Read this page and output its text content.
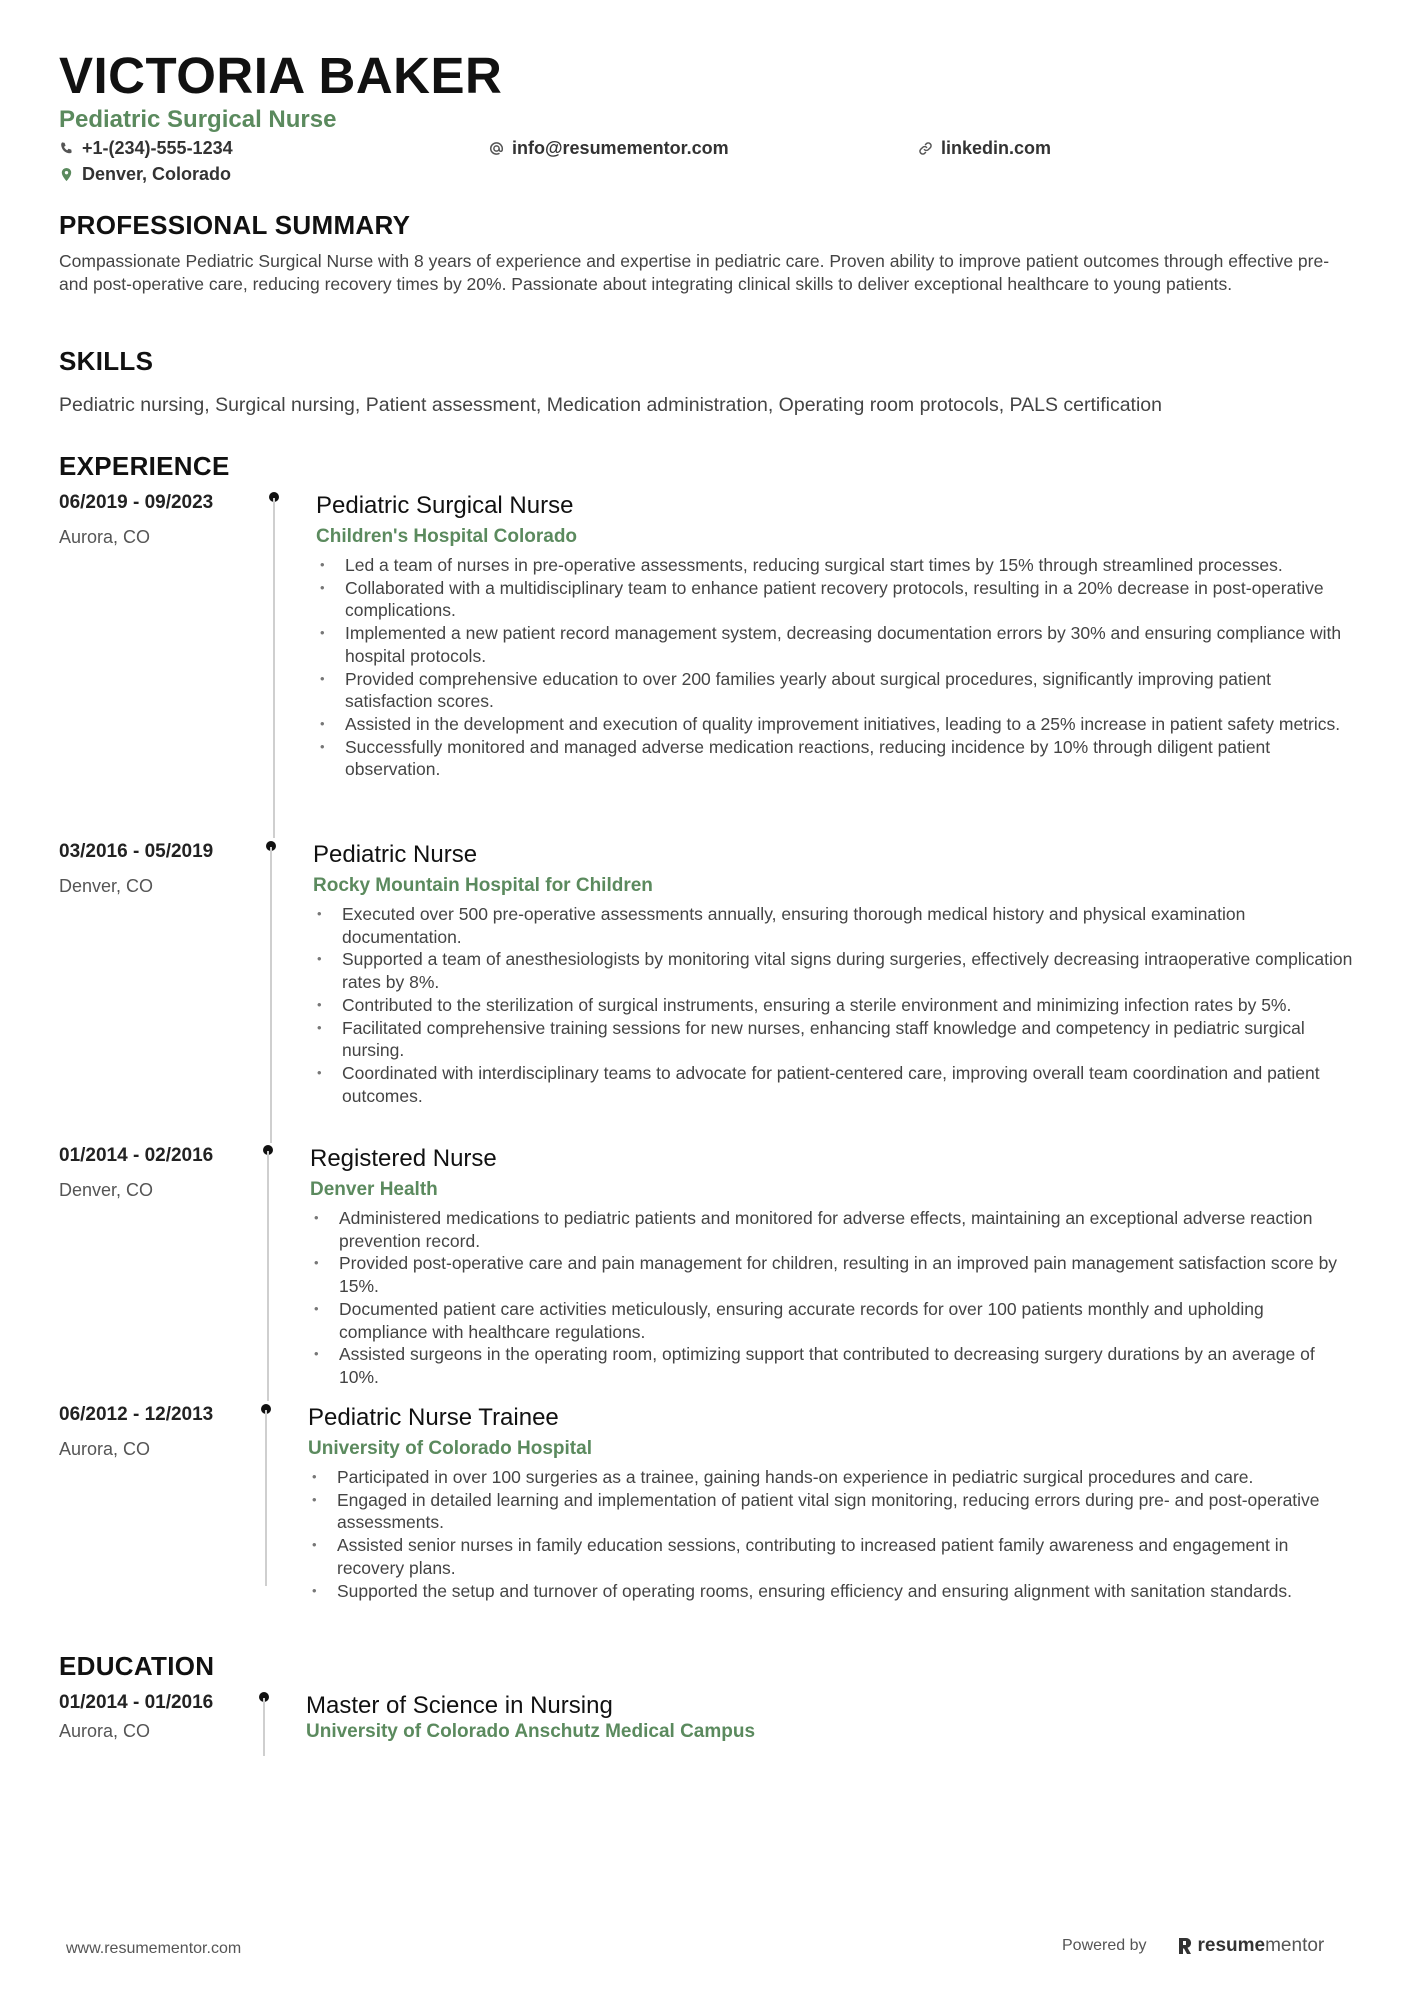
VICTORIA BAKER
Pediatric Surgical Nurse
+1-(234)-555-1234	info@resumementor.com	linkedin.com
Denver, Colorado
PROFESSIONAL SUMMARY
Compassionate Pediatric Surgical Nurse with 8 years of experience and expertise in pediatric care. Proven ability to improve patient outcomes through effective pre- and post-operative care, reducing recovery times by 20%. Passionate about integrating clinical skills to deliver exceptional healthcare to young patients.
SKILLS
Pediatric nursing, Surgical nursing, Patient assessment, Medication administration, Operating room protocols, PALS certification
EXPERIENCE
06/2019 - 09/2023
Aurora, CO
Pediatric Surgical Nurse
Children's Hospital Colorado
• Led a team of nurses in pre-operative assessments, reducing surgical start times by 15% through streamlined processes.
• Collaborated with a multidisciplinary team to enhance patient recovery protocols, resulting in a 20% decrease in post-operative complications.
• Implemented a new patient record management system, decreasing documentation errors by 30% and ensuring compliance with hospital protocols.
• Provided comprehensive education to over 200 families yearly about surgical procedures, significantly improving patient satisfaction scores.
• Assisted in the development and execution of quality improvement initiatives, leading to a 25% increase in patient safety metrics.
• Successfully monitored and managed adverse medication reactions, reducing incidence by 10% through diligent patient observation.
03/2016 - 05/2019
Denver, CO
Pediatric Nurse
Rocky Mountain Hospital for Children
• Executed over 500 pre-operative assessments annually, ensuring thorough medical history and physical examination documentation.
• Supported a team of anesthesiologists by monitoring vital signs during surgeries, effectively decreasing intraoperative complication rates by 8%.
• Contributed to the sterilization of surgical instruments, ensuring a sterile environment and minimizing infection rates by 5%.
• Facilitated comprehensive training sessions for new nurses, enhancing staff knowledge and competency in pediatric surgical nursing.
• Coordinated with interdisciplinary teams to advocate for patient-centered care, improving overall team coordination and patient outcomes.
01/2014 - 02/2016
Denver, CO
Registered Nurse
Denver Health
• Administered medications to pediatric patients and monitored for adverse effects, maintaining an exceptional adverse reaction prevention record.
• Provided post-operative care and pain management for children, resulting in an improved pain management satisfaction score by 15%.
• Documented patient care activities meticulously, ensuring accurate records for over 100 patients monthly and upholding compliance with healthcare regulations.
• Assisted surgeons in the operating room, optimizing support that contributed to decreasing surgery durations by an average of 10%.
06/2012 - 12/2013
Aurora, CO
Pediatric Nurse Trainee
University of Colorado Hospital
• Participated in over 100 surgeries as a trainee, gaining hands-on experience in pediatric surgical procedures and care.
• Engaged in detailed learning and implementation of patient vital sign monitoring, reducing errors during pre- and post-operative assessments.
• Assisted senior nurses in family education sessions, contributing to increased patient family awareness and engagement in recovery plans.
• Supported the setup and turnover of operating rooms, ensuring efficiency and ensuring alignment with sanitation standards.
EDUCATION
01/2014 - 01/2016
Aurora, CO
Master of Science in Nursing
University of Colorado Anschutz Medical Campus
www.resumementor.com	Powered by	resumementor
